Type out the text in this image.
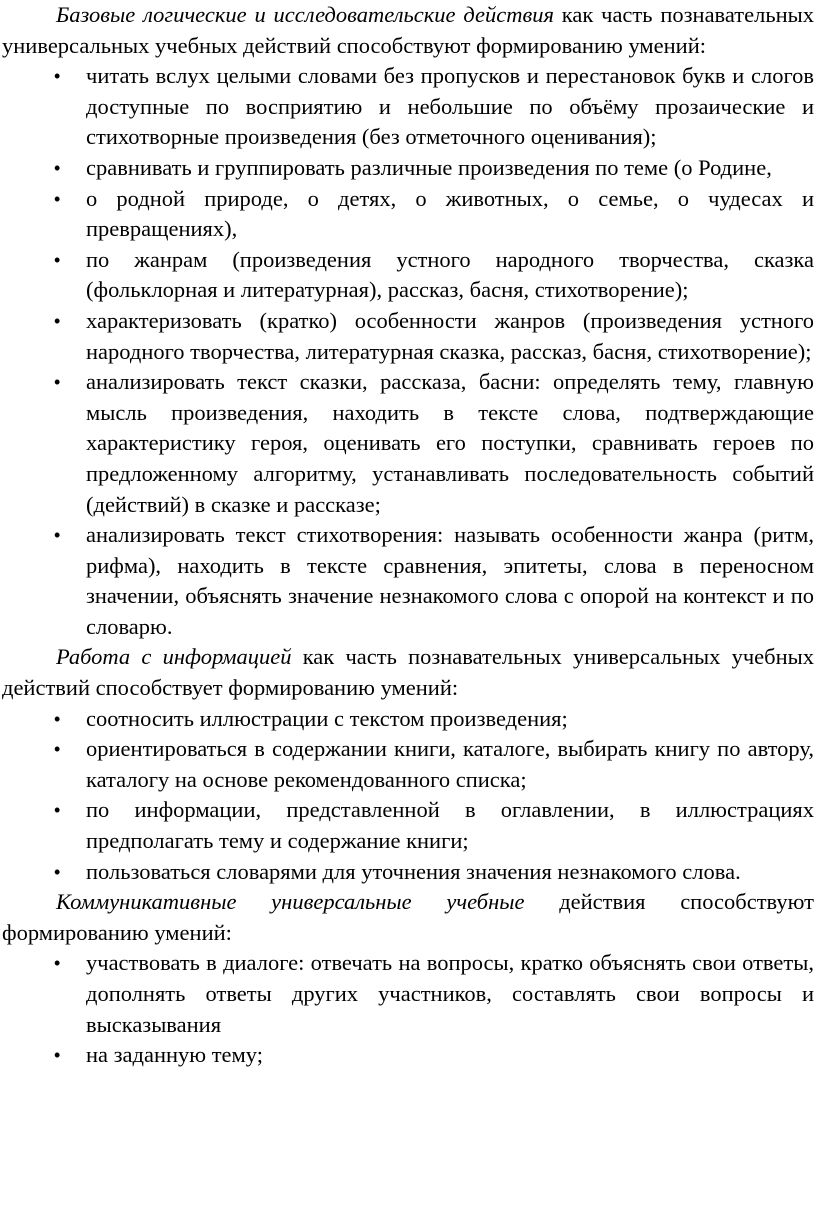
Базовые логические и исследовательские действия как часть познавательных универсальных учебных действий способствуют формированию умений:

• читать вслух целыми словами без пропусков и перестановок букв и слогов доступные по восприятию и небольшие по объёму прозаические и стихотворные произведения (без отметочного оценивания);
• сравнивать и группировать различные произведения по теме (о Родине,
• о родной природе, о детях, о животных, о семье, о чудесах и превращениях),
• по жанрам (произведения устного народного творчества, сказка (фольклорная и литературная), рассказ, басня, стихотворение);
• характеризовать (кратко) особенности жанров (произведения устного народного творчества, литературная сказка, рассказ, басня, стихотворение);
• анализировать текст сказки, рассказа, басни: определять тему, главную мысль произведения, находить в тексте слова, подтверждающие характеристику героя, оценивать его поступки, сравнивать героев по предложенному алгоритму, устанавливать последовательность событий (действий) в сказке и рассказе;
• анализировать текст стихотворения: называть особенности жанра (ритм, рифма), находить в тексте сравнения, эпитеты, слова в переносном значении, объяснять значение незнакомого слова с опорой на контекст и по словарю.

Работа с информацией как часть познавательных универсальных учебных действий способствует формированию умений:

• соотносить иллюстрации с текстом произведения;
• ориентироваться в содержании книги, каталоге, выбирать книгу по автору, каталогу на основе рекомендованного списка;
• по информации, представленной в оглавлении, в иллюстрациях предполагать тему и содержание книги;
• пользоваться словарями для уточнения значения незнакомого слова.

Коммуникативные универсальные учебные действия способствуют формированию умений:

• участвовать в диалоге: отвечать на вопросы, кратко объяснять свои ответы, дополнять ответы других участников, составлять свои вопросы и высказывания
• на заданную тему;
